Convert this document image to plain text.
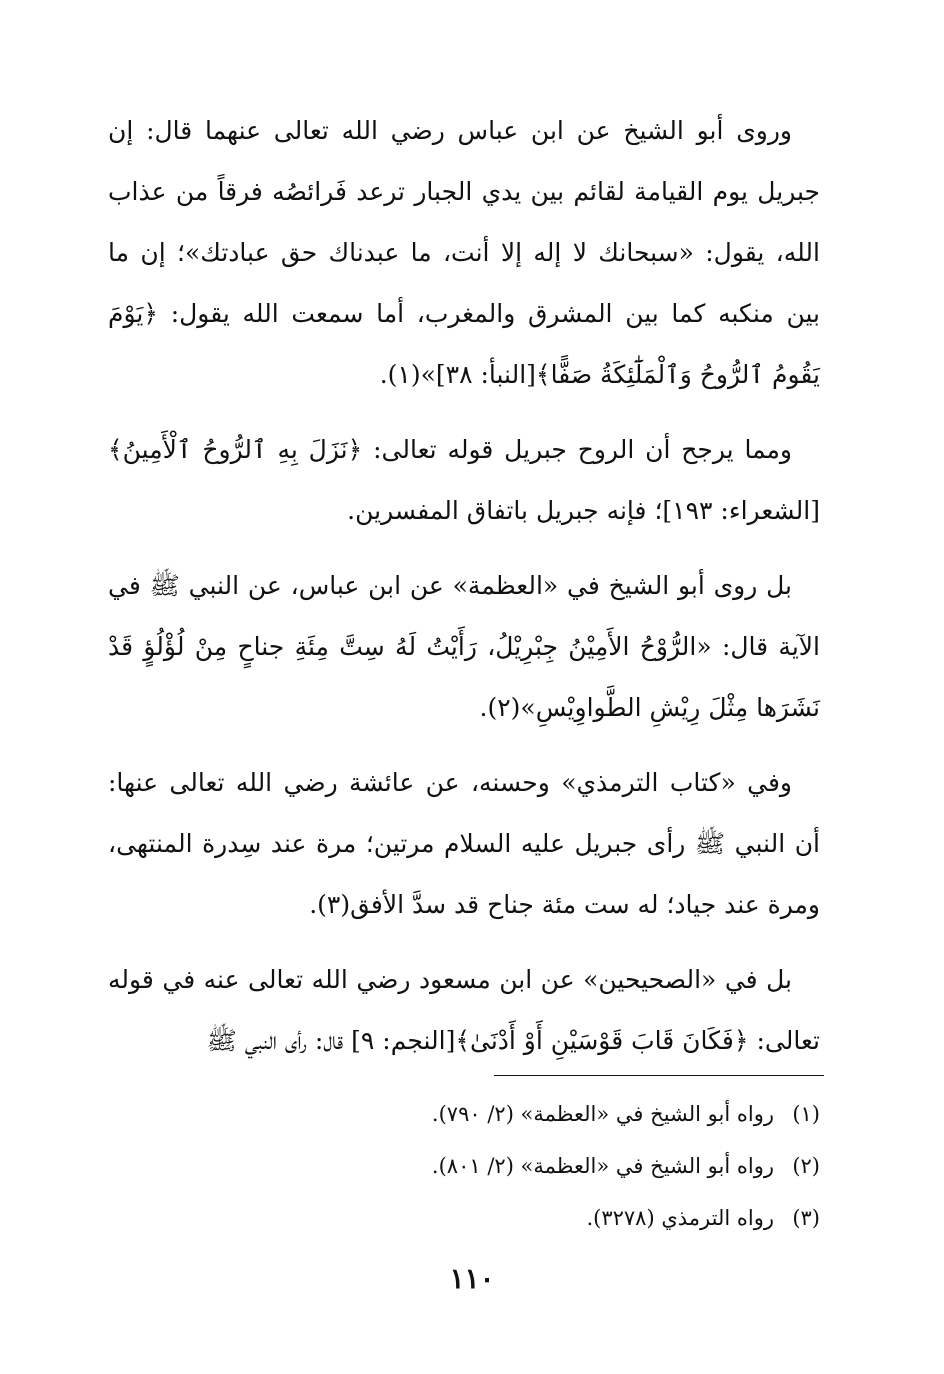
وروى أبو الشيخ عن ابن عباس رضي الله تعالى عنهما قال: إن جبريل يوم القيامة لقائم بين يدي الجبار ترعد فَرائصُه فرقاً من عذاب الله، يقول: «سبحانك لا إله إلا أنت، ما عبدناك حق عبادتك»؛ إن ما بين منكبه كما بين المشرق والمغرب، أما سمعت الله يقول: ﴿يَوْمَ يَقُومُ ٱلرُّوحُ وَٱلْمَلَٰٓئِكَةُ صَفًّا﴾[النبأ: ٣٨]»(١).

ومما يرجح أن الروح جبريل قوله تعالى: ﴿نَزَلَ بِهِ ٱلرُّوحُ ٱلْأَمِينُ﴾[الشعراء: ١٩٣]؛ فإنه جبريل باتفاق المفسرين.

بل روى أبو الشيخ في «العظمة» عن ابن عباس، عن النبي ﷺ في الآية قال: «الرُّوْحُ الأَمِيْنُ جِبْرِيْلُ، رَأَيْتُ لَهُ سِتَّ مِئَةِ جناحٍ مِنْ لُؤْلُؤٍ قَدْ نَشَرَها مِثْلَ رِيْشِ الطَّواوِيْسِ»(٢).

وفي «كتاب الترمذي» وحسنه، عن عائشة رضي الله تعالى عنها: أن النبي ﷺ رأى جبريل عليه السلام مرتين؛ مرة عند سِدرة المنتهى، ومرة عند جياد؛ له ست مئة جناح قد سدَّ الأفق(٣).

بل في «الصحيحين» عن ابن مسعود رضي الله تعالى عنه في قوله تعالى: ﴿فَكَانَ قَابَ قَوْسَيْنِ أَوْ أَدْنَىٰ﴾[النجم: ٩] قال: رأى النبي ﷺ

(١)
رواه أبو الشيخ في «العظمة» (٢/ ٧٩٠).
(٢)
رواه أبو الشيخ في «العظمة» (٢/ ٨٠١).
(٣)
رواه الترمذي (٣٢٧٨).
١١٠
